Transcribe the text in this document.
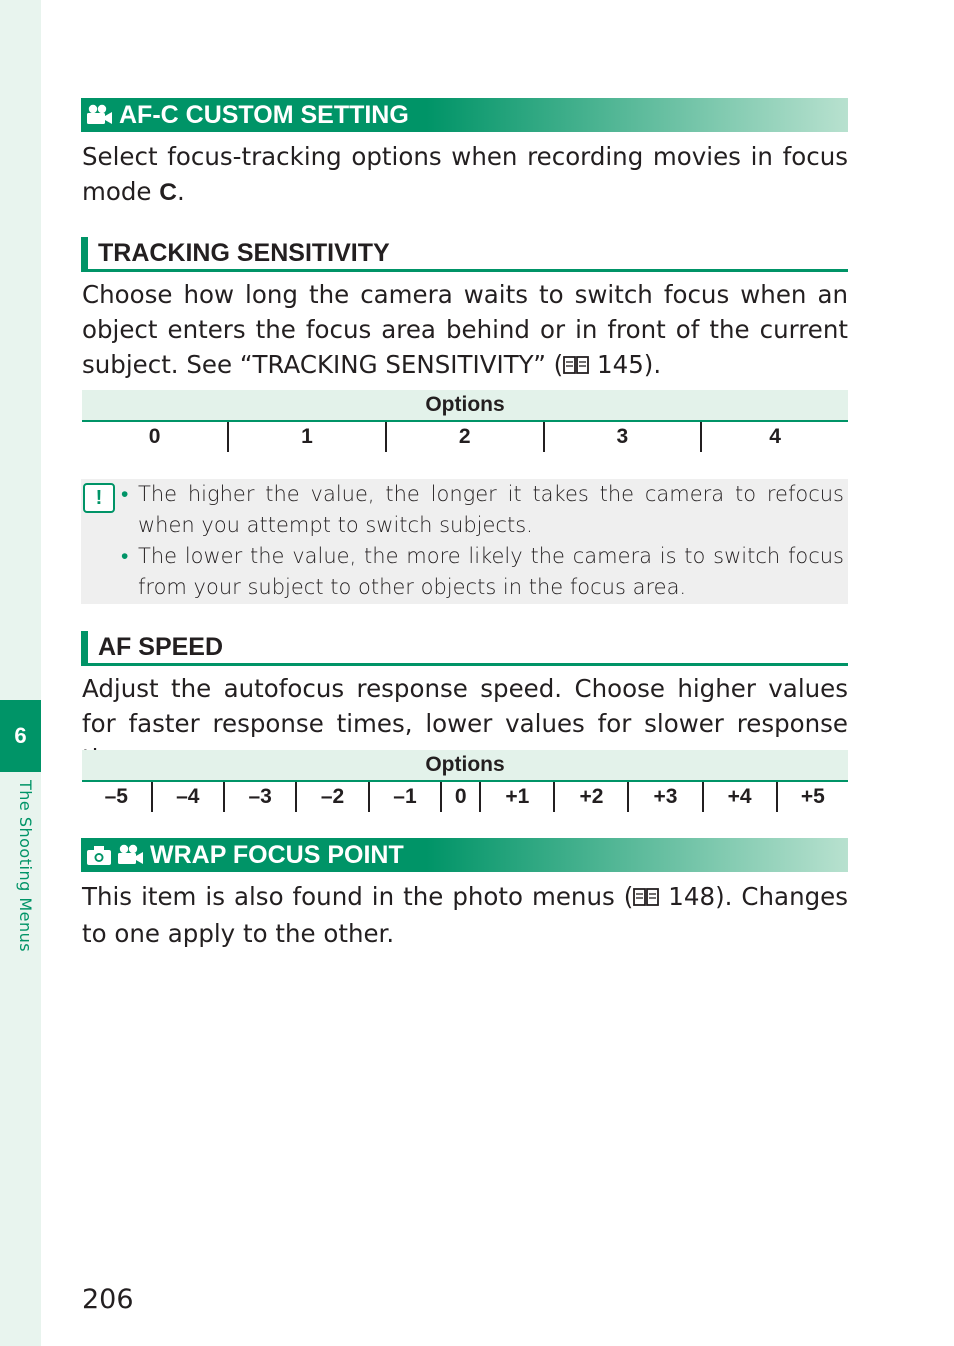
6
The Shooting Menus
AF-C CUSTOM SETTING
Select focus-tracking options when recording movies in focus mode C.
TRACKING SENSITIVITY
Choose how long the camera waits to switch focus when an object enters the focus area behind or in front of the current subject. See “TRACKING SENSITIVITY” ( 145).
Options
0	1	2	3	4
! • The higher the value, the longer it takes the camera to refocus when you attempt to switch subjects.
• The lower the value, the more likely the camera is to switch focus from your subject to other objects in the focus area.
AF SPEED
Adjust the autofocus response speed. Choose higher values for faster response times, lower values for slower response
Options
–5	–4	–3	–2	–1	0	+1	+2	+3	+4	+5
WRAP FOCUS POINT
This item is also found in the photo menus ( 148). Changes to one apply to the other.
206
